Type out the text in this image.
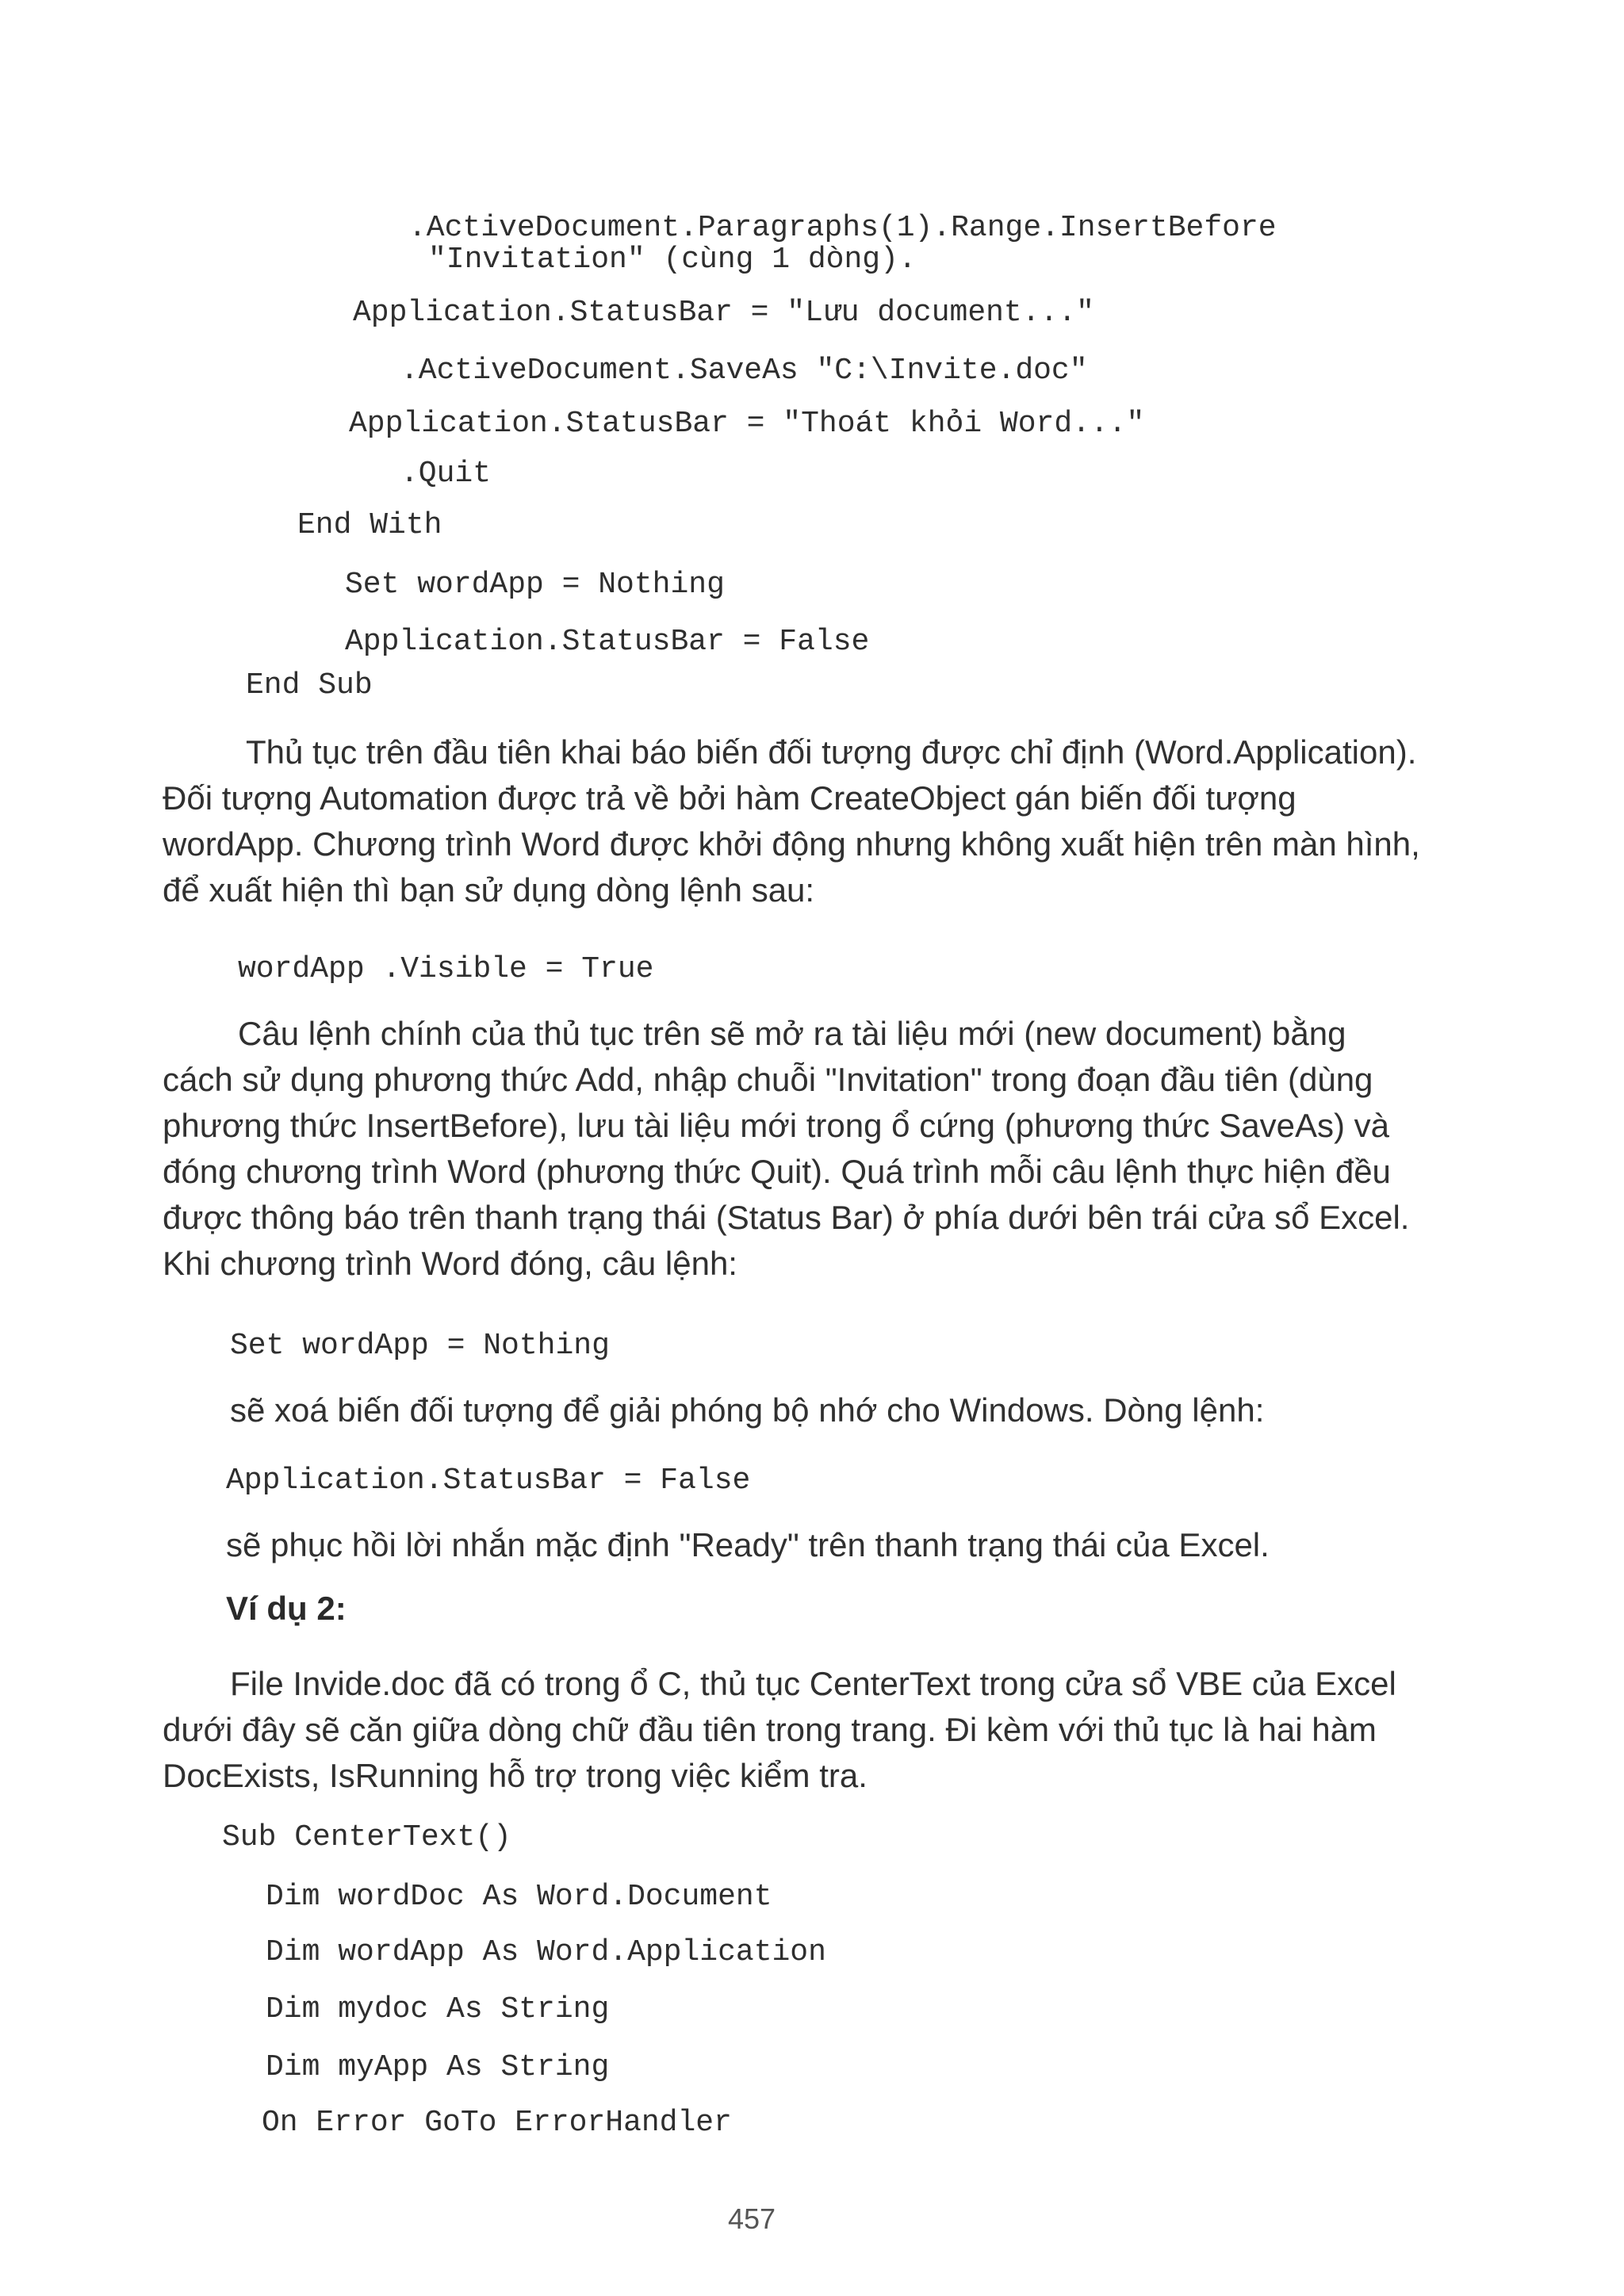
.ActiveDocument.Paragraphs(1).Range.InsertBefore
"Invitation" (cùng 1 dòng).
Application.StatusBar = "Lưu document..."
.ActiveDocument.SaveAs "C:\Invite.doc"
Application.StatusBar = "Thoát khỏi Word..."
.Quit
End With
Set wordApp = Nothing
Application.StatusBar = False
End Sub

Thủ tục trên đầu tiên khai báo biến đối tượng được chỉ định (Word.Application). Đối tượng Automation được trả về bởi hàm CreateObject gán biến đối tượng wordApp. Chương trình Word được khởi động nhưng không xuất hiện trên màn hình, để xuất hiện thì bạn sử dụng dòng lệnh sau:

wordApp .Visible = True

Câu lệnh chính của thủ tục trên sẽ mở ra tài liệu mới (new document) bằng cách sử dụng phương thức Add, nhập chuỗi "Invitation" trong đoạn đầu tiên (dùng phương thức InsertBefore), lưu tài liệu mới trong ổ cứng (phương thức SaveAs) và đóng chương trình Word (phương thức Quit). Quá trình mỗi câu lệnh thực hiện đều được thông báo trên thanh trạng thái (Status Bar) ở phía dưới bên trái cửa sổ Excel. Khi chương trình Word đóng, câu lệnh:

Set wordApp = Nothing

sẽ xoá biến đối tượng để giải phóng bộ nhớ cho Windows. Dòng lệnh:

Application.StatusBar = False

sẽ phục hồi lời nhắn mặc định "Ready" trên thanh trạng thái của Excel.

Ví dụ 2:

File Invide.doc đã có trong ổ C, thủ tục CenterText trong cửa sổ VBE của Excel dưới đây sẽ căn giữa dòng chữ đầu tiên trong trang. Đi kèm với thủ tục là hai hàm DocExists, IsRunning hỗ trợ trong việc kiểm tra.

Sub CenterText()
Dim wordDoc As Word.Document
Dim wordApp As Word.Application
Dim mydoc As String
Dim myApp As String
On Error GoTo ErrorHandler
457
